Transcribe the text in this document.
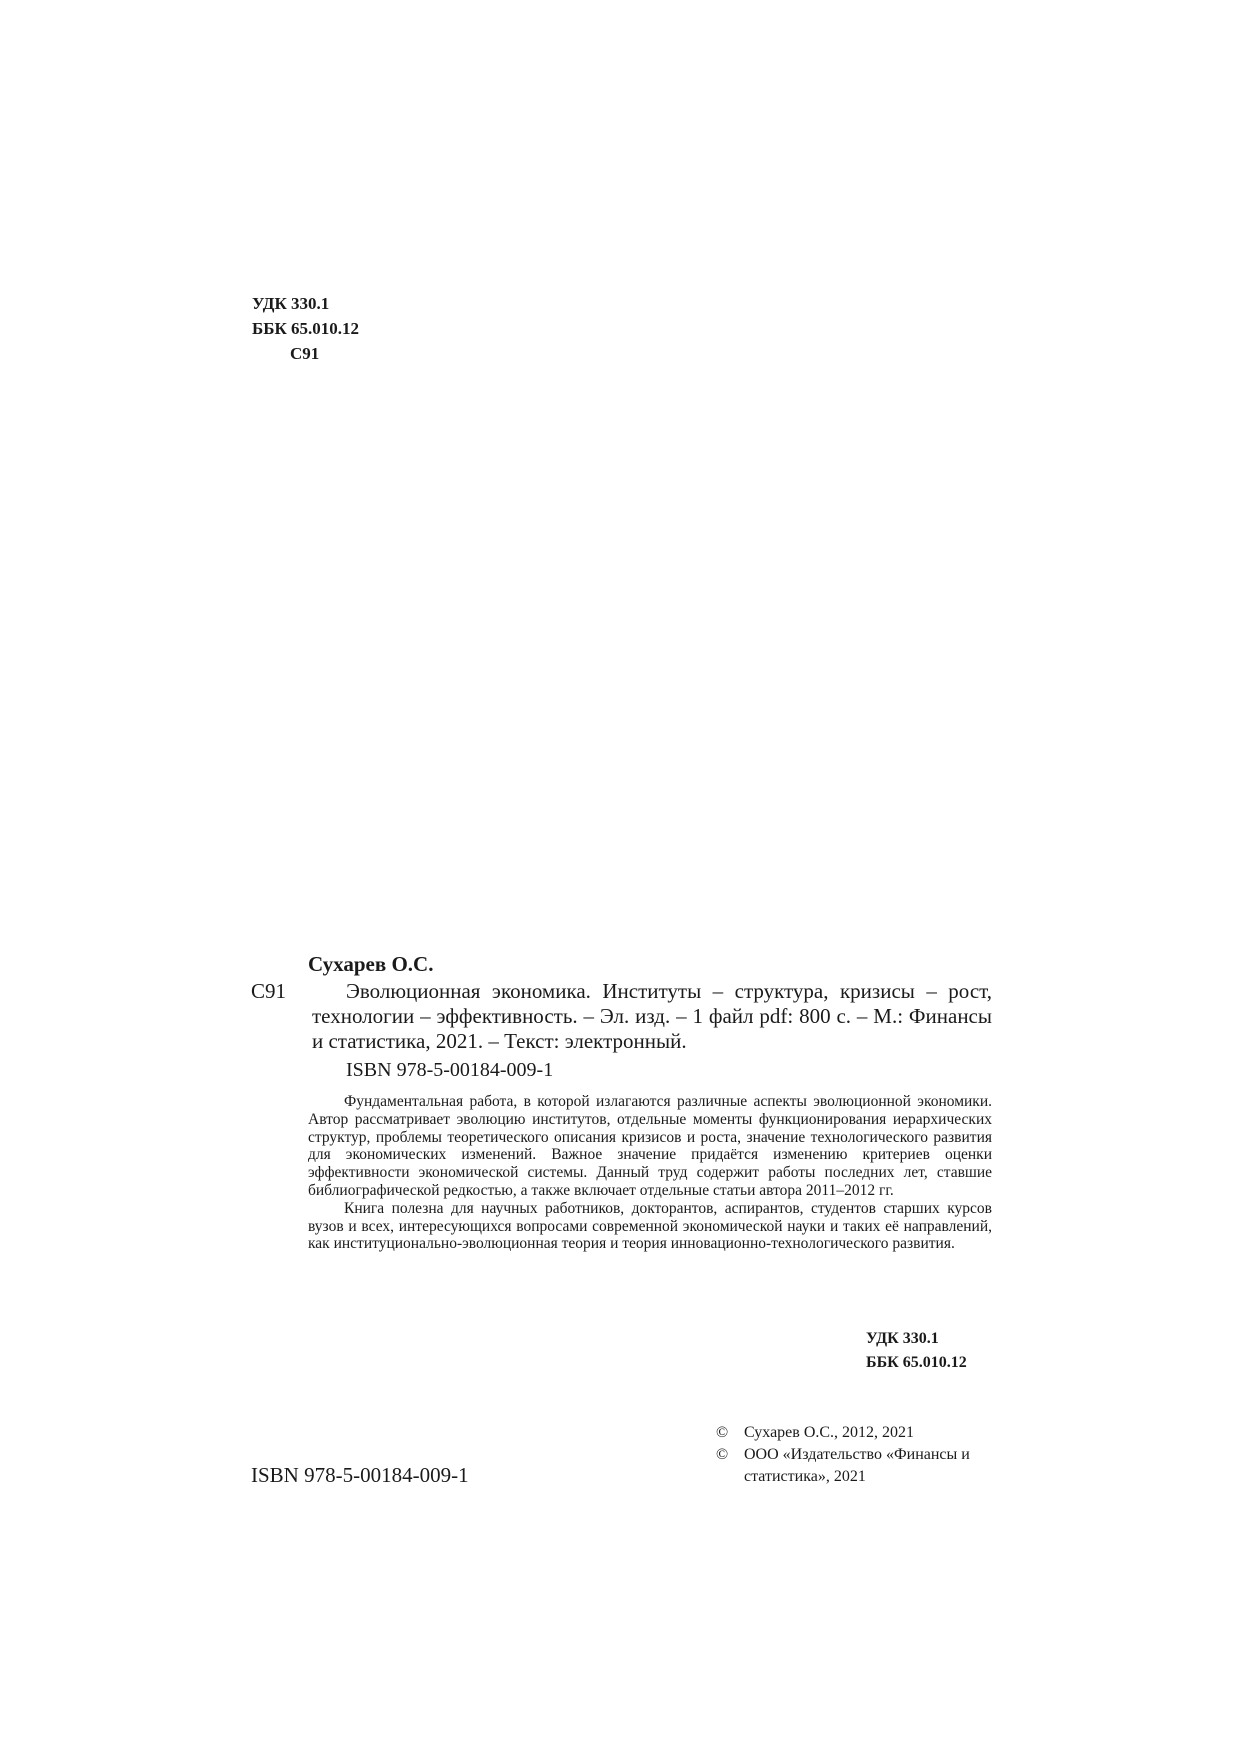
УДК 330.1
ББК 65.010.12
С91
Сухарев О.С.
С91	Эволюционная экономика. Институты – структура, кризисы – рост, технологии – эффективность. – Эл. изд. – 1 файл pdf: 800 с. – М.: Финансы и статистика, 2021. – Текст: электронный.

ISBN 978-5-00184-009-1

Фундаментальная работа, в которой излагаются различные аспекты эволюционной экономики. Автор рассматривает эволюцию институтов, отдельные моменты функционирования иерархических структур, проблемы теоретического описания кризисов и роста, значение технологического развития для экономических изменений. Важное значение придаётся изменению критериев оценки эффективности экономической системы. Данный труд содержит работы последних лет, ставшие библиографической редкостью, а также включает отдельные статьи автора 2011–2012 гг.

Книга полезна для научных работников, докторантов, аспирантов, студентов старших курсов вузов и всех, интересующихся вопросами современной экономической науки и таких её направлений, как институционально-эволюционная теория и теория инновационно-технологического развития.

УДК 330.1
ББК 65.010.12
ISBN 978-5-00184-009-1
© Сухарев О.С., 2012, 2021
© ООО «Издательство «Финансы и статистика», 2021
